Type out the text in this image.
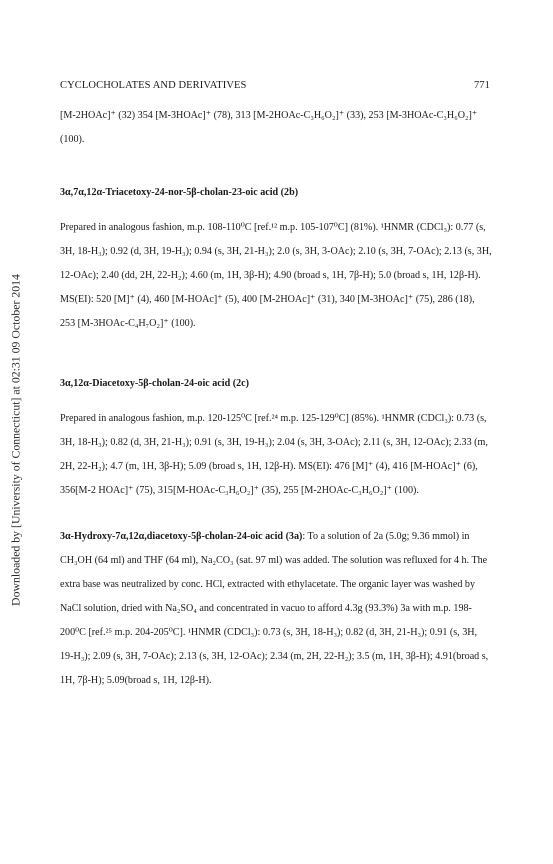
CYCLOCHOLATES AND DERIVATIVES	771
Downloaded by [University of Connecticut] at 02:31 09 October 2014

[M-2HOAc]⁺ (32) 354 [M-3HOAc]⁺ (78), 313 [M-2HOAc-C₃H₆O₂]⁺ (33), 253 [M-3HOAc-C₃H₆O₂]⁺ (100).

3α,7α,12α-Triacetoxy-24-nor-5β-cholan-23-oic acid (2b)

Prepared in analogous fashion, m.p. 108-110⁰C [ref.¹² m.p. 105-107⁰C] (81%). ¹HNMR (CDCl₃): 0.77 (s, 3H, 18-H₃); 0.92 (d, 3H, 19-H₃); 0.94 (s, 3H, 21-H₃); 2.0 (s, 3H, 3-OAc); 2.10 (s, 3H, 7-OAc); 2.13 (s, 3H, 12-OAc); 2.40 (dd, 2H, 22-H₂); 4.60 (m, 1H, 3β-H); 4.90 (broad s, 1H, 7β-H); 5.0 (broad s, 1H, 12β-H). MS(EI): 520 [M]⁺ (4), 460 [M-HOAc]⁺ (5), 400 [M-2HOAc]⁺ (31), 340 [M-3HOAc]⁺ (75), 286 (18), 253 [M-3HOAc-C₄H₇O₂]⁺ (100).

3α,12α-Diacetoxy-5β-cholan-24-oic acid (2c)

Prepared in analogous fashion, m.p. 120-125⁰C [ref.²⁴ m.p. 125-129⁰C] (85%). ¹HNMR (CDCl₃): 0.73 (s, 3H, 18-H₃); 0.82 (d, 3H, 21-H₃); 0.91 (s, 3H, 19-H₃); 2.04 (s, 3H, 3-OAc); 2.11 (s, 3H, 12-OAc); 2.33 (m, 2H, 22-H₂); 4.7 (m, 1H, 3β-H); 5.09 (broad s, 1H, 12β-H). MS(EI): 476 [M]⁺ (4), 416 [M-HOAc]⁺ (6), 356[M-2 HOAc]⁺ (75), 315[M-HOAc-C₃H₆O₂]⁺ (35), 255 [M-2HOAc-C₃H₆O₂]⁺ (100).

3α-Hydroxy-7α,12α,diacetoxy-5β-cholan-24-oic acid (3a): To a solution of 2a (5.0g; 9.36 mmol) in CH₃OH (64 ml) and THF (64 ml), Na₂CO₃ (sat. 97 ml) was added. The solution was refluxed for 4 h. The extra base was neutralized by conc. HCl, extracted with ethylacetate. The organic layer was washed by NaCl solution, dried with Na₂SO₄ and concentrated in vacuo to afford 4.3g (93.3%) 3a with m.p. 198-200⁰C [ref.²⁵ m.p. 204-205⁰C]. ¹HNMR (CDCl₃): 0.73 (s, 3H, 18-H₃); 0.82 (d, 3H, 21-H₃); 0.91 (s, 3H, 19-H₃); 2.09 (s, 3H, 7-OAc); 2.13 (s, 3H, 12-OAc); 2.34 (m, 2H, 22-H₂); 3.5 (m, 1H, 3β-H); 4.91(broad s, 1H, 7β-H); 5.09(broad s, 1H, 12β-H).
